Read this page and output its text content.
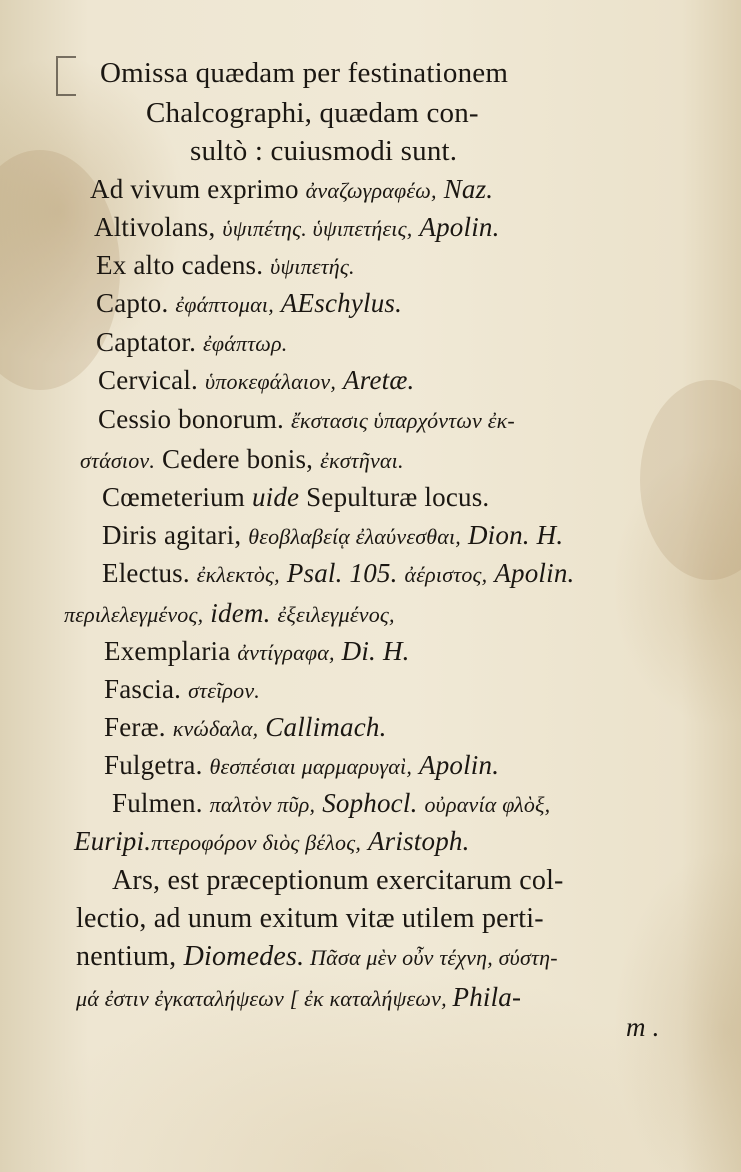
Omissa quædam per festinationem
Chalcographi, quædam con-
sultò : cuiusmodi sunt.
Ad vivum exprimo ἀναζωγραφέω, Naz.
Altivolans, ὑψιπέτης. ὑψιπετήεις, Apolin.
Ex alto cadens. ὑψιπετής.
Capto. ἐφάπτομαι, AEschylus.
Captator. ἐφάπτωρ.
Cervical. ὑποκεφάλαιον, Aretæ.
Cessio bonorum. ἔκστασις ὑπαρχόντων ἐκ-
στάσιον. Cedere bonis, ἐκστῆναι.
Cœmeterium uide Sepulturæ locus.
Diris agitari, θεοβλαβείᾳ ἐλαύνεσθαι, Dion. H.
Electus. ἐκλεκτὸς, Psal. 105. ἀέριστος, Apolin.
περιλελεγμένος, idem. ἐξειλεγμένος,
Exemplaria ἀντίγραφα, Di. H.
Fascia. στεῖρον.
Feræ. κνώδαλα, Callimach.
Fulgetra. θεσπέσιαι μαρμαρυγαὶ, Apolin.
Fulmen. παλτὸν πῦρ, Sophocl. οὐρανία φλὸξ,
Euripi.πτεροφόρον διὸς βέλος, Aristoph.
Ars, est præceptionum exercitarum col-
lectio, ad unum exitum vitæ utilem perti-
nentium, Diomedes. Πᾶσα μὲν οὖν τέχνη, σύστη-
μά ἐστιν ἐγκαταλήψεων [ ἐκ καταλήψεων, Phila-
m .
